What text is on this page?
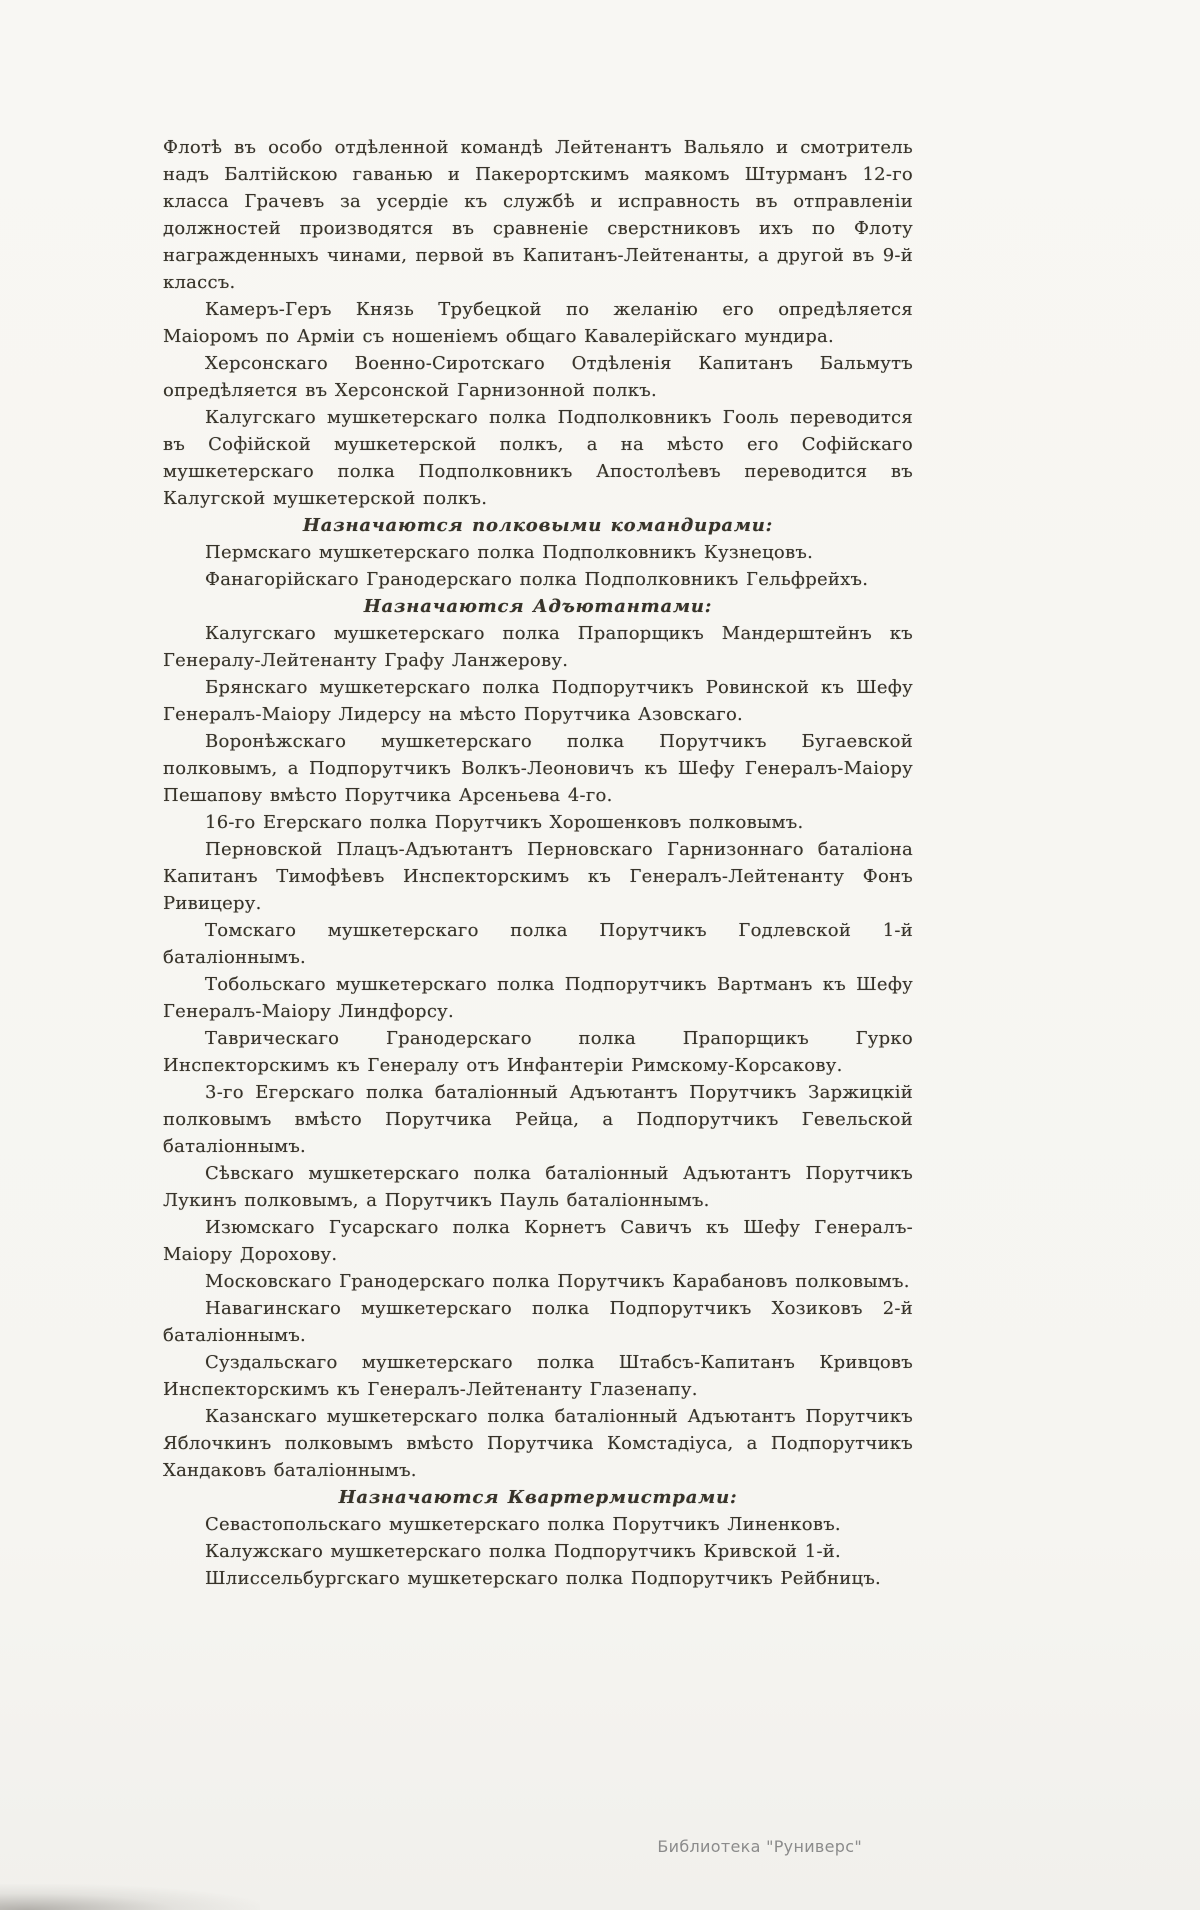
Флотѣ въ особо отдѣленной командѣ Лейтенантъ Вальяло и смотритель надъ Балтійскою гаванью и Пакерортскимъ маякомъ Штурманъ 12-го класса Грачевъ за усердіе къ службѣ и исправность въ отправленіи должностей производятся въ сравненіе сверстниковъ ихъ по Флоту награжденныхъ чинами, первой въ Капитанъ-Лейтенанты, а другой въ 9-й классъ.

Камеръ-Геръ Князь Трубецкой по желанію его опредѣляется Маіоромъ по Арміи съ ношеніемъ общаго Кавалерійскаго мундира.

Херсонскаго Военно-Сиротскаго Отдѣленія Капитанъ Бальмутъ опредѣляется въ Херсонской Гарнизонной полкъ.

Калугскаго мушкетерскаго полка Подполковникъ Гооль переводится въ Софійской мушкетерской полкъ, а на мѣсто его Софійскаго мушкетерскаго полка Подполковникъ Апостолѣевъ переводится въ Калугской мушкетерской полкъ.

Назначаются полковыми командирами:

Пермскаго мушкетерскаго полка Подполковникъ Кузнецовъ.

Фанагорійскаго Гранодерскаго полка Подполковникъ Гельфрейхъ.

Назначаются Адъютантами:

Калугскаго мушкетерскаго полка Прапорщикъ Мандерштейнъ къ Генералу-Лейтенанту Графу Ланжерову.

Брянскаго мушкетерскаго полка Подпорутчикъ Ровинской къ Шефу Генералъ-Маіору Лидерсу на мѣсто Порутчика Азовскаго.

Воронѣжскаго мушкетерскаго полка Порутчикъ Бугаевской полковымъ, а Подпорутчикъ Волкъ-Леоновичъ къ Шефу Генералъ-Маіору Пешапову вмѣсто Порутчика Арсеньева 4-го.

16-го Егерскаго полка Порутчикъ Хорошенковъ полковымъ.

Перновской Плацъ-Адъютантъ Перновскаго Гарнизоннаго баталіона Капитанъ Тимофѣевъ Инспекторскимъ къ Генералъ-Лейтенанту Фонъ Ривицеру.

Томскаго мушкетерскаго полка Порутчикъ Годлевской 1-й баталіоннымъ.

Тобольскаго мушкетерскаго полка Подпорутчикъ Вартманъ къ Шефу Генералъ-Маіору Линдфорсу.

Таврическаго Гранодерскаго полка Прапорщикъ Гурко Инспекторскимъ къ Генералу отъ Инфантеріи Римскому-Корсакову.

3-го Егерскаго полка баталіонный Адъютантъ Порутчикъ Заржицкій полковымъ вмѣсто Порутчика Рейца, а Подпорутчикъ Гевельской баталіоннымъ.

Сѣвскаго мушкетерскаго полка баталіонный Адъютантъ Порутчикъ Лукинъ полковымъ, а Порутчикъ Пауль баталіоннымъ.

Изюмскаго Гусарскаго полка Корнетъ Савичъ къ Шефу Генералъ-Маіору Дорохову.

Московскаго Гранодерскаго полка Порутчикъ Карабановъ полковымъ.

Навагинскаго мушкетерскаго полка Подпорутчикъ Хозиковъ 2-й баталіоннымъ.

Суздальскаго мушкетерскаго полка Штабсъ-Капитанъ Кривцовъ Инспекторскимъ къ Генералъ-Лейтенанту Глазенапу.

Казанскаго мушкетерскаго полка баталіонный Адъютантъ Порутчикъ Яблочкинъ полковымъ вмѣсто Порутчика Комстадіуса, а Подпорутчикъ Хандаковъ баталіоннымъ.

Назначаются Квартермистрами:

Севастопольскаго мушкетерскаго полка Порутчикъ Линенковъ.

Калужскаго мушкетерскаго полка Подпорутчикъ Кривской 1-й.

Шлиссельбургскаго мушкетерскаго полка Подпорутчикъ Рейбницъ.

Библиотека "Руниверс"
